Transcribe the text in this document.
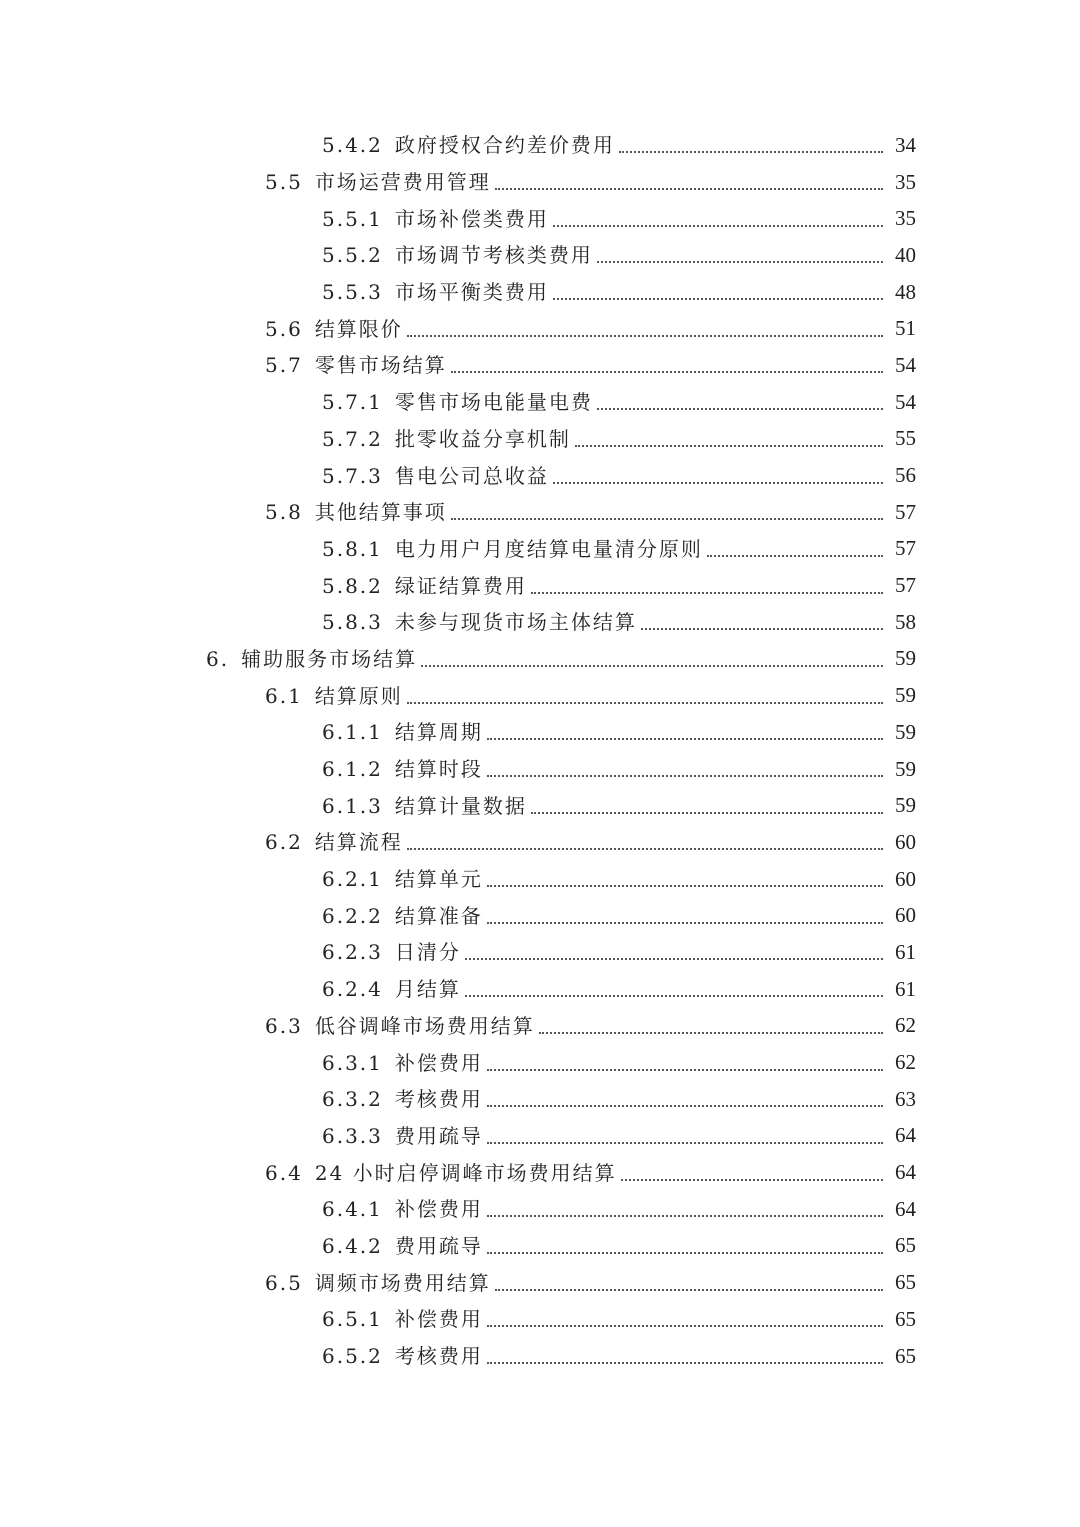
5.4.2 政府授权合约差价费用	34
5.5 市场运营费用管理	35
5.5.1 市场补偿类费用	35
5.5.2 市场调节考核类费用	40
5.5.3 市场平衡类费用	48
5.6 结算限价	51
5.7 零售市场结算	54
5.7.1 零售市场电能量电费	54
5.7.2 批零收益分享机制	55
5.7.3 售电公司总收益	56
5.8 其他结算事项	57
5.8.1 电力用户月度结算电量清分原则	57
5.8.2 绿证结算费用	57
5.8.3 未参与现货市场主体结算	58
6. 辅助服务市场结算	59
6.1 结算原则	59
6.1.1 结算周期	59
6.1.2 结算时段	59
6.1.3 结算计量数据	59
6.2 结算流程	60
6.2.1 结算单元	60
6.2.2 结算准备	60
6.2.3 日清分	61
6.2.4 月结算	61
6.3 低谷调峰市场费用结算	62
6.3.1 补偿费用	62
6.3.2 考核费用	63
6.3.3 费用疏导	64
6.4 24 小时启停调峰市场费用结算	64
6.4.1 补偿费用	64
6.4.2 费用疏导	65
6.5 调频市场费用结算	65
6.5.1 补偿费用	65
6.5.2 考核费用	65
